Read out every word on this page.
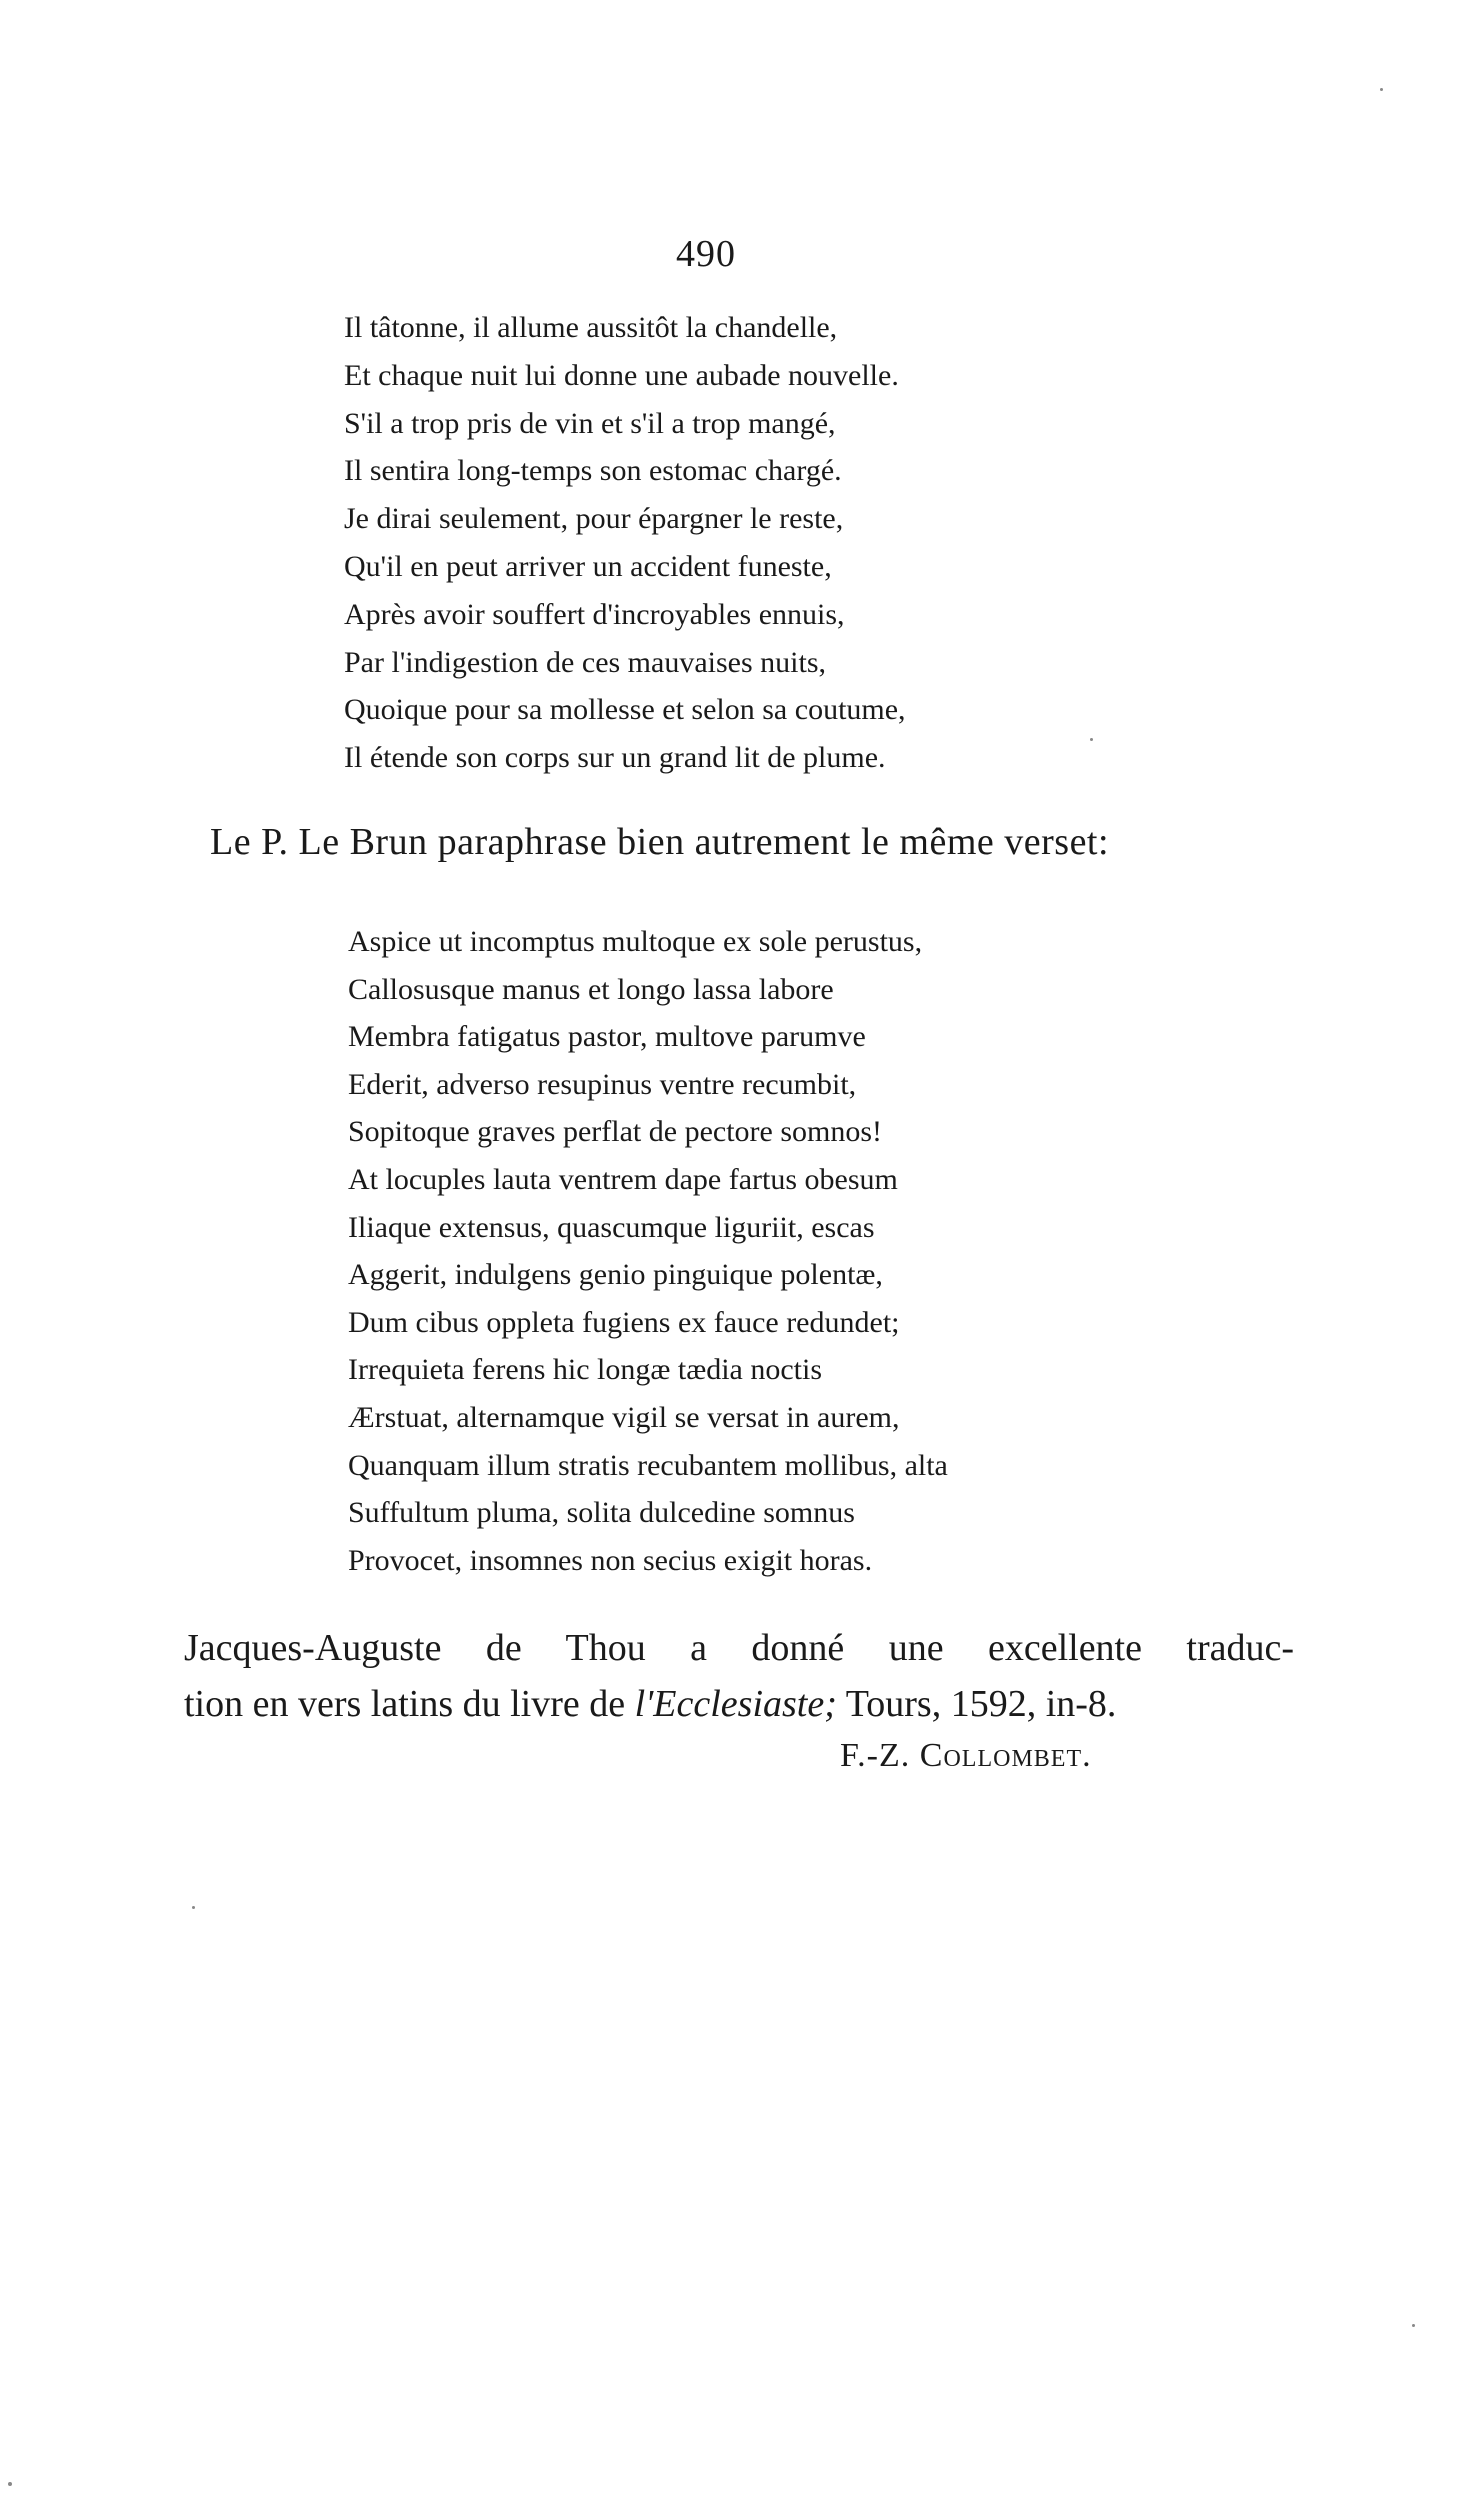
490
Il tâtonne, il allume aussitôt la chandelle,
Et chaque nuit lui donne une aubade nouvelle.
S'il a trop pris de vin et s'il a trop mangé,
Il sentira long-temps son estomac chargé.
Je dirai seulement, pour épargner le reste,
Qu'il en peut arriver un accident funeste,
Après avoir souffert d'incroyables ennuis,
Par l'indigestion de ces mauvaises nuits,
Quoique pour sa mollesse et selon sa coutume,
Il étende son corps sur un grand lit de plume.
Le P. Le Brun paraphrase bien autrement le même verset:
Aspice ut incomptus multoque ex sole perustus,
Callosusque manus et longo lassa labore
Membra fatigatus pastor, multove parumve
Ederit, adverso resupinus ventre recumbit,
Sopitoque graves perflat de pectore somnos!
At locuples lauta ventrem dape fartus obesum
Iliaque extensus, quascumque liguriit, escas
Aggerit, indulgens genio pinguique polentæ,
Dum cibus oppleta fugiens ex fauce redundet;
Irrequieta ferens hic longæ tædia noctis
Ærstuat, alternamque vigil se versat in aurem,
Quanquam illum stratis recubantem mollibus, alta
Suffultum pluma, solita dulcedine somnus
Provocet, insomnes non secius exigit horas.
Jacques-Auguste de Thou a donné une excellente traduc-
tion en vers latins du livre de l'Ecclesiaste; Tours, 1592, in-8.
F.-Z. Collombet.
